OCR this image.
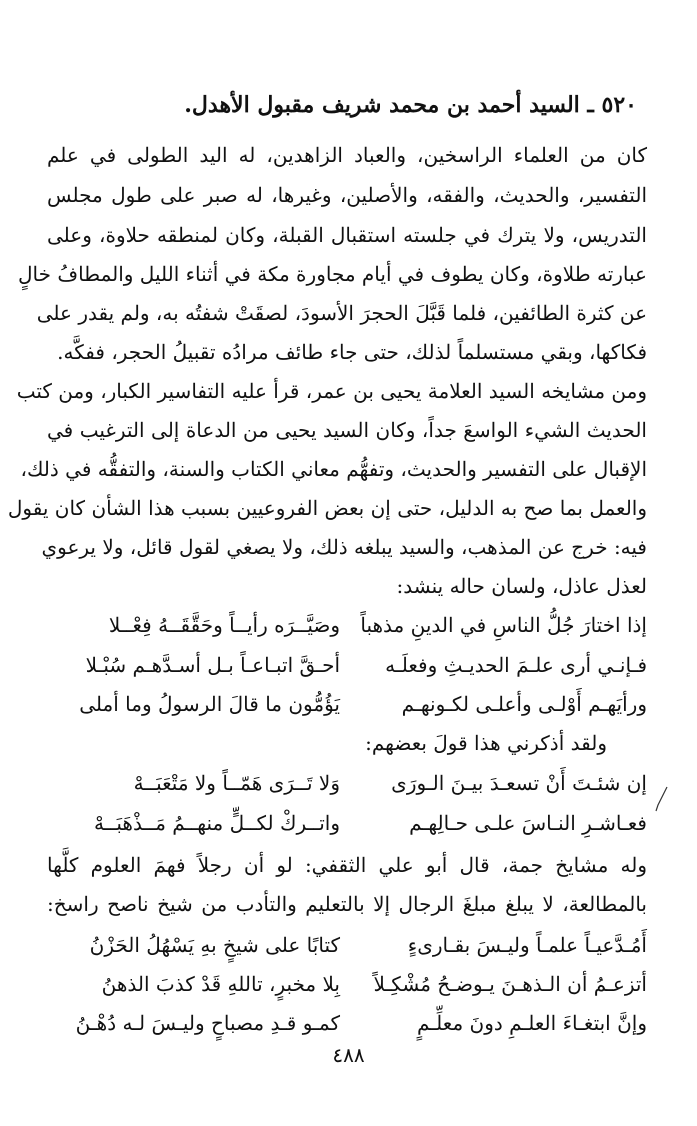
٥٢٠ ـ السيد أحمد بن محمد شريف مقبول الأهدل.
كان من العلماء الراسخين، والعباد الزاهدين، له اليد الطولى في علم
التفسير، والحديث، والفقه، والأصلين، وغيرها، له صبر على طول مجلس
التدريس، ولا يترك في جلسته استقبال القبلة، وكان لمنطقه حلاوة، وعلى
عبارته طلاوة، وكان يطوف في أيام مجاورة مكة في أثناء الليل والمطافُ خالٍ
عن كثرة الطائفين، فلما قَبَّلَ الحجرَ الأسودَ، لصقَتْ شفتُه به، ولم يقدر على
فكاكها، وبقي مستسلماً لذلك، حتى جاء طائف مرادُه تقبيلُ الحجر، ففكَّه.
ومن مشايخه السيد العلامة يحيى بن عمر، قرأ عليه التفاسير الكبار، ومن كتب
الحديث الشيء الواسعَ جداً، وكان السيد يحيى من الدعاة إلى الترغيب في
الإقبال على التفسير والحديث، وتفهُّم معاني الكتاب والسنة، والتفقُّه في ذلك،
والعمل بما صح به الدليل، حتى إن بعض الفروعيين بسبب هذا الشأن كان يقول
فيه: خرج عن المذهب، والسيد يبلغه ذلك، ولا يصغي لقول قائل، ولا يرعوي
لعذل عاذل، ولسان حاله ينشد:
إذا اختارَ جُلُّ الناسِ في الدينِ مذهباً
وصَيَّــرَه رأيــاً وحَقَّقَــهُ فِعْــلا
فـإنـي أرى علـمَ الحديـثِ وفعلَـه
أحـقَّ اتبـاعـاً بـل أسـدَّهـم سُبْـلا
ورأيَهـم أَوْلـى وأعلـى لكـونهـم
يَؤُمُّون ما قالَ الرسولُ وما أملى
ولقد أذكرني هذا قولَ بعضهم:
إن شئـتَ أَنْ تسعـدَ بيـنَ الـورَى
وَلا تَــرَى هَمّــاً ولا مَتْعَبَــهْ
فعـاشـرِ النـاسَ علـى حـالِهـم
واتــركْ لكــلٍّ منهــمُ مَــذْهَبَــهْ
وله مشايخ جمة، قال أبو علي الثقفي: لو أن رجلاً فهمَ العلوم كلَّها
بالمطالعة، لا يبلغ مبلغَ الرجال إلا بالتعليم والتأدب من شيخ ناصح راسخ:
أَمُـدَّعيـاً علمـاً وليـسَ بقـارىءٍ
كتابًا على شيخٍ بهِ يَسْهُلُ الحَزْنُ
أتزعـمُ أن الـذهـنَ يـوضـحُ مُشْكِـلاً
بِلا مخبرٍ، تاللهِ قَدْ كذبَ الذهنُ
وإنَّ ابتغـاءَ العلـمِ دونَ معلِّـمٍ
كمـو قـدِ مصباحٍ وليـسَ لـه دُهْـنُ
٤٨٨
